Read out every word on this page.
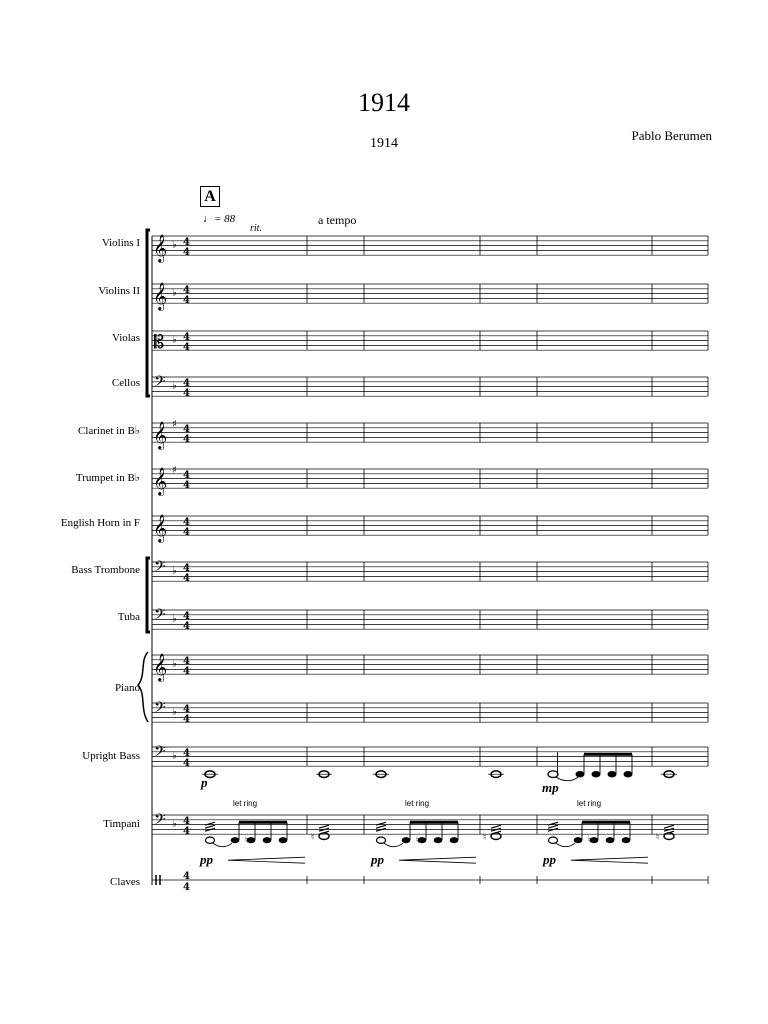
1914
1914
Pablo Berumen
A
♩= 88
rit.
a tempo
Violins I
Violins II
Violas
Cellos
Clarinet in B♭
Trumpet in B♭
English Horn in F
Bass Trombone
Tuba
Piano
Upright Bass
Timpani
Claves
let ring	let ring	let ring
p	mp
pp	pp	pp
𝄞 ♭ 4
4
𝄞 ♭ 4
4
𝄡 ♭ 4
4
𝄢 ♭ 4
4
𝄞 ♯ 4
4
𝄞 ♯ 4
4
𝄞 4
4
𝄢 ♭ 4
4
𝄢 ♭ 4
4
𝄞 ♭ 4
4
𝄢 ♭ 4
4
𝄢 ♭ 4
4
𝄢 ♭ 4
4
4
4
♮	♮	♮
♮	♮	♮
